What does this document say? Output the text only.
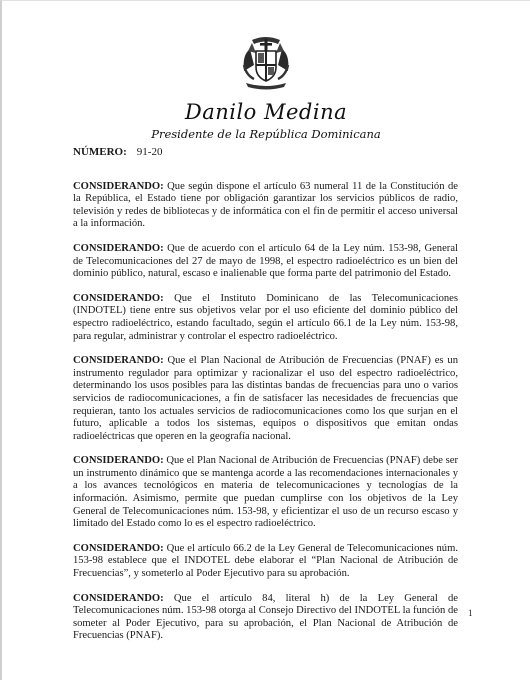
Danilo Medina
Presidente de la República Dominicana
NÚMERO: 91-20

CONSIDERANDO: Que según dispone el artículo 63 numeral 11 de la Constitución de la República, el Estado tiene por obligación garantizar los servicios públicos de radio, televisión y redes de bibliotecas y de informática con el fin de permitir el acceso universal a la información.

CONSIDERANDO: Que de acuerdo con el artículo 64 de la Ley núm. 153-98, General de Telecomunicaciones del 27 de mayo de 1998, el espectro radioeléctrico es un bien del dominio público, natural, escaso e inalienable que forma parte del patrimonio del Estado.

CONSIDERANDO: Que el Instituto Dominicano de las Telecomunicaciones (INDOTEL) tiene entre sus objetivos velar por el uso eficiente del dominio público del espectro radioeléctrico, estando facultado, según el artículo 66.1 de la Ley núm. 153-98, para regular, administrar y controlar el espectro radioeléctrico.

CONSIDERANDO: Que el Plan Nacional de Atribución de Frecuencias (PNAF) es un instrumento regulador para optimizar y racionalizar el uso del espectro radioeléctrico, determinando los usos posibles para las distintas bandas de frecuencias para uno o varios servicios de radiocomunicaciones, a fin de satisfacer las necesidades de frecuencias que requieran, tanto los actuales servicios de radiocomunicaciones como los que surjan en el futuro, aplicable a todos los sistemas, equipos o dispositivos que emitan ondas radioeléctricas que operen en la geografía nacional.

CONSIDERANDO: Que el Plan Nacional de Atribución de Frecuencias (PNAF) debe ser un instrumento dinámico que se mantenga acorde a las recomendaciones internacionales y a los avances tecnológicos en materia de telecomunicaciones y tecnologías de la información. Asimismo, permite que puedan cumplirse con los objetivos de la Ley General de Telecomunicaciones núm. 153-98, y eficientizar el uso de un recurso escaso y limitado del Estado como lo es el espectro radioeléctrico.

CONSIDERANDO: Que el artículo 66.2 de la Ley General de Telecomunicaciones núm. 153-98 establece que el INDOTEL debe elaborar el “Plan Nacional de Atribución de Frecuencias”, y someterlo al Poder Ejecutivo para su aprobación.

CONSIDERANDO: Que el artículo 84, literal h) de la Ley General de Telecomunicaciones núm. 153-98 otorga al Consejo Directivo del INDOTEL la función de someter al Poder Ejecutivo, para su aprobación, el Plan Nacional de Atribución de Frecuencias (PNAF).

1
